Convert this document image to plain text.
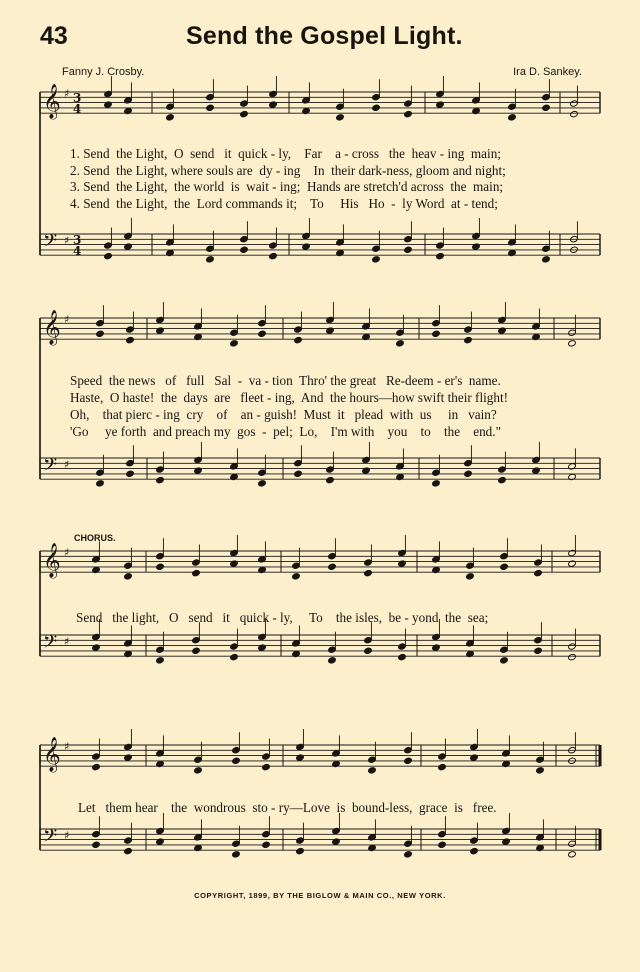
43	Send the Gospel Light.
Fanny J. Crosby.	Ira D. Sankey.
𝄞 ♯
𝄢 ♯
𝄞 ♯
𝄢 ♯
𝄞 ♯
𝄢 ♯
𝄞 ♯
𝄢 ♯
3
4
3
4
1. Send  the Light,  O  send   it  quick - ly,    Far    a - cross   the  heav - ing  main;
2. Send  the Light, where souls are  dy - ing    In  their dark-ness, gloom and night;
3. Send  the Light,  the world  is  wait - ing;  Hands are stretch'd across  the  main;
4. Send  the Light,  the  Lord commands it;    To     His   Ho  -  ly Word  at - tend;
Speed  the news   of   full   Sal  -  va - tion  Thro' the great   Re-deem - er's  name.
Haste,  O haste!  the  days  are   fleet - ing,  And  the hours—how swift their flight!
Oh,    that pierc - ing  cry    of    an - guish!  Must  it   plead  with  us     in   vain?
'Go     ye forth  and preach my  gos  -  pel;  Lo,    I'm with    you    to    the    end."
CHORUS.
Send   the light,   O   send   it   quick - ly,     To    the isles,  be - yond  the  sea;
Let   them hear    the  wondrous  sto - ry—Love  is  bound-less,  grace  is   free.
COPYRIGHT, 1899, BY THE BIGLOW & MAIN CO., NEW YORK.
